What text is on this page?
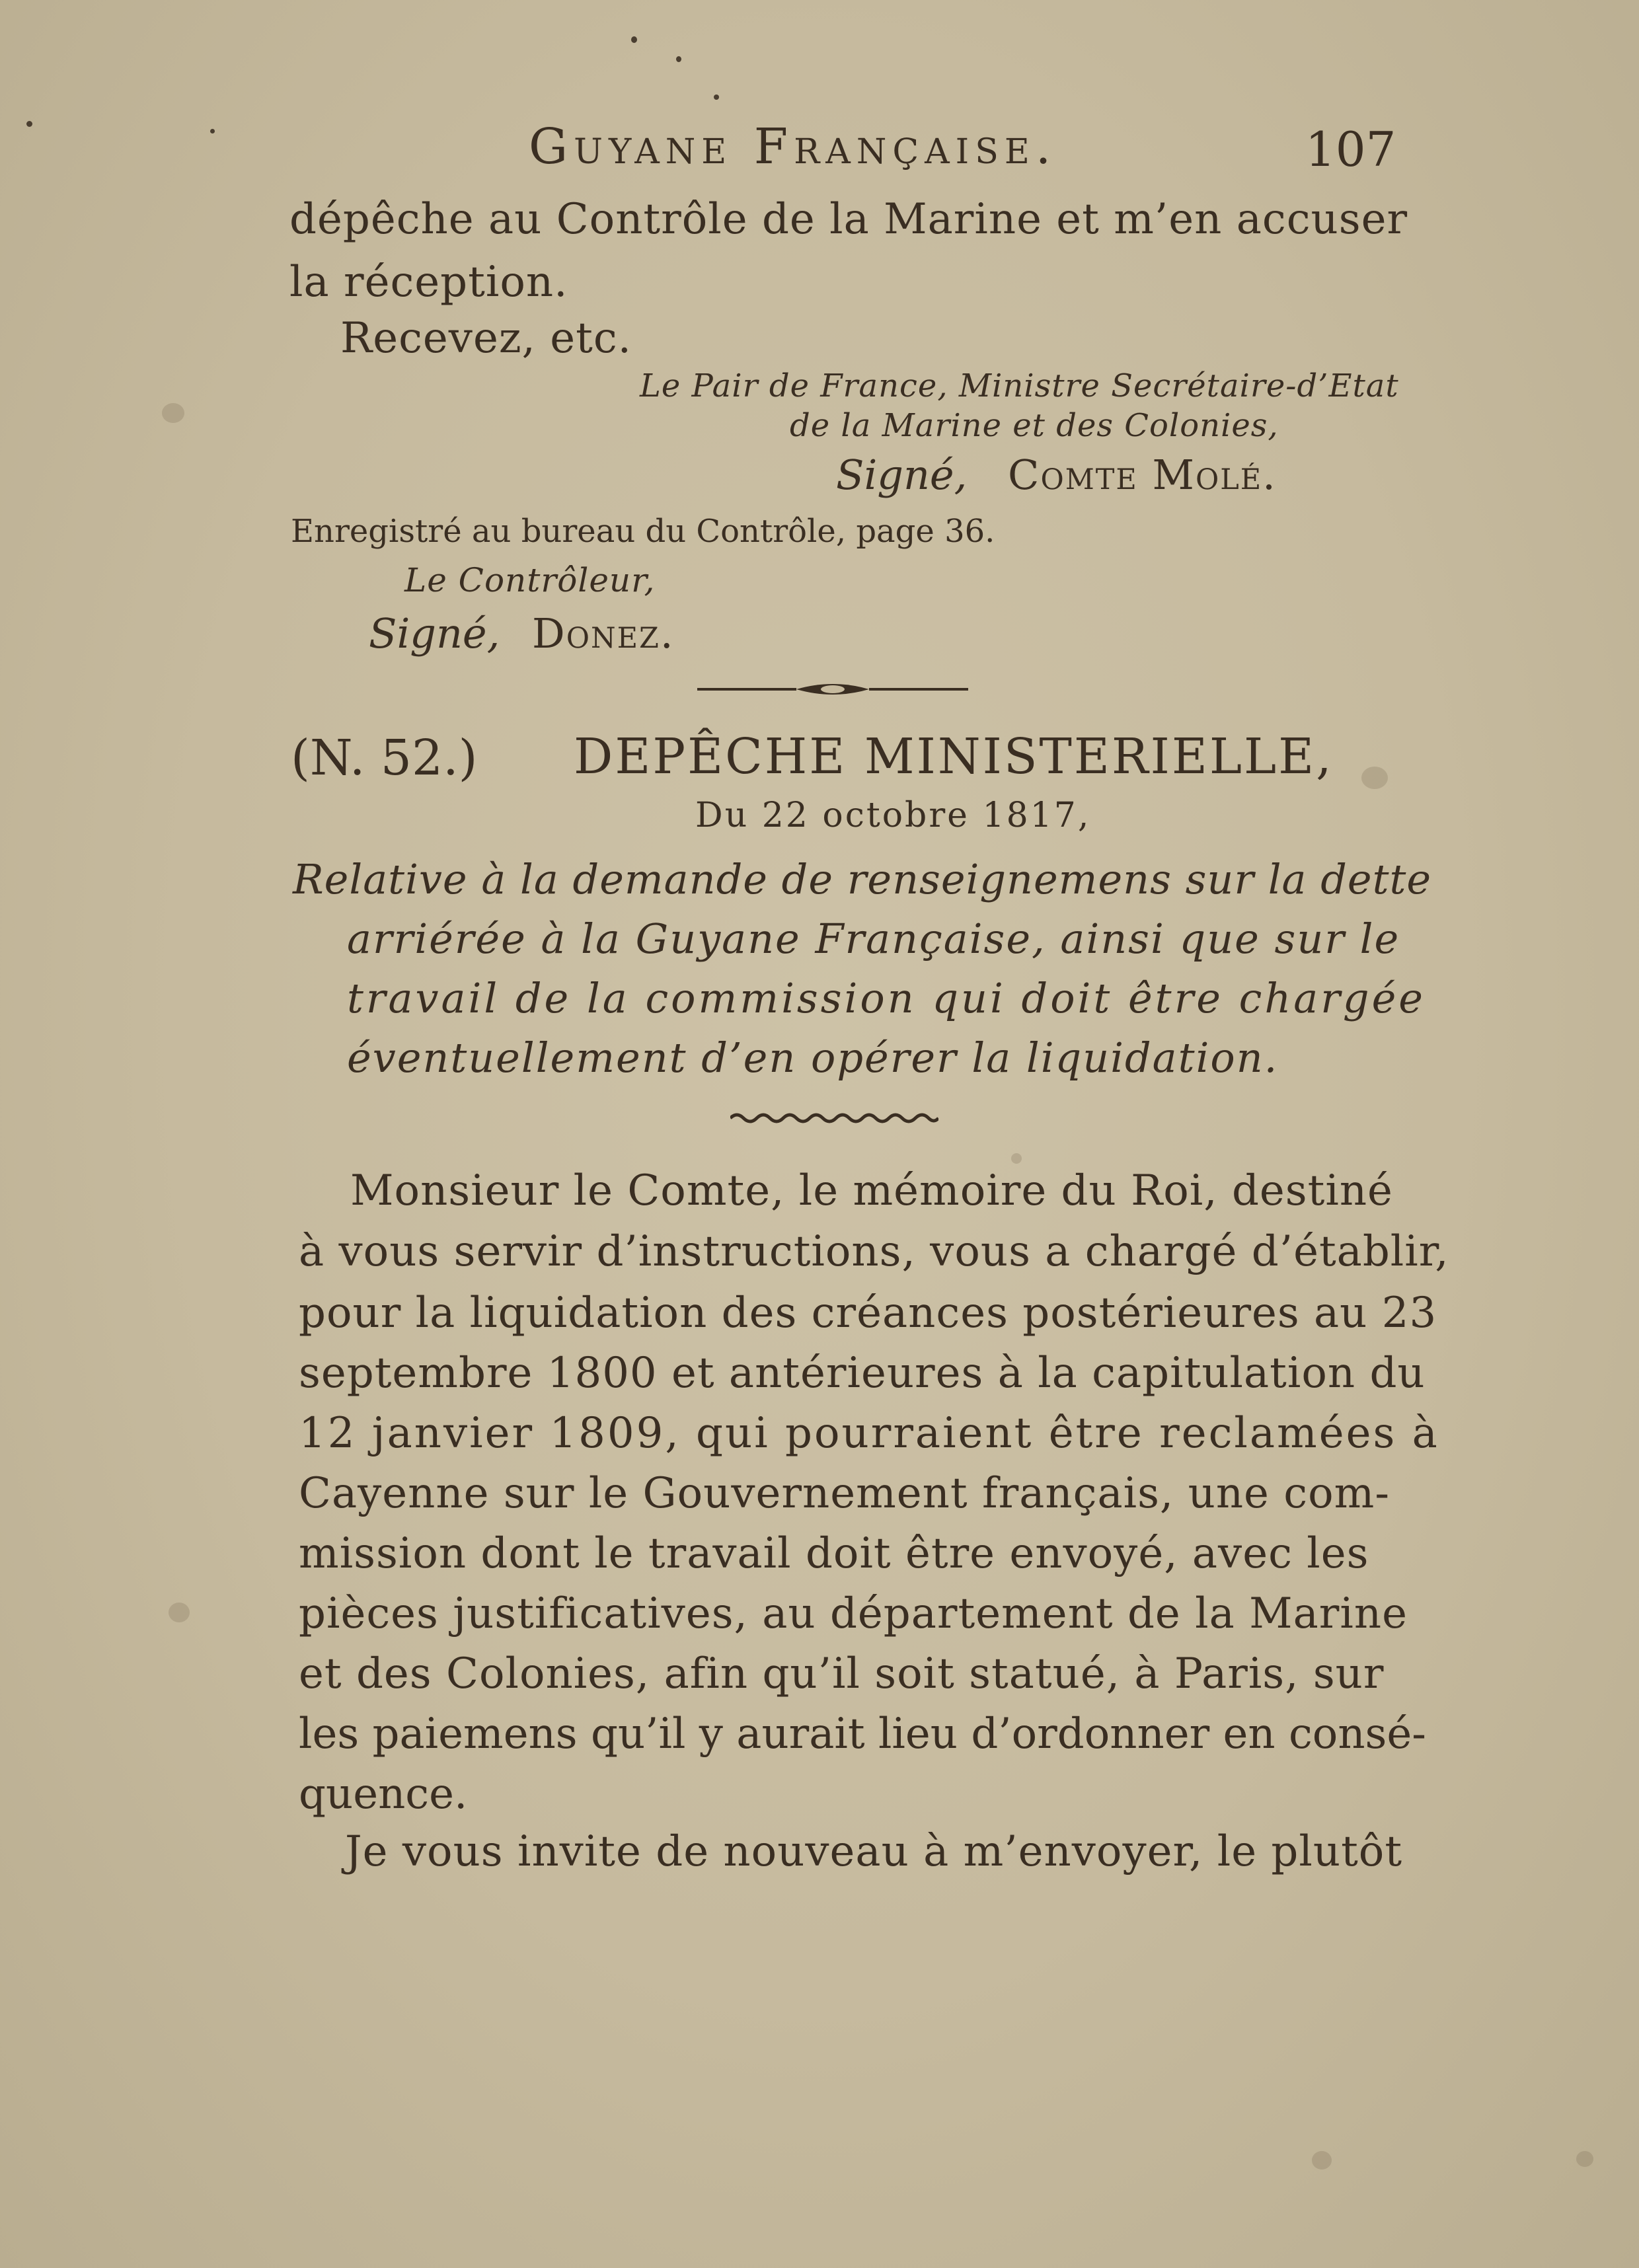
Guyane Française.	107
dépêche au Contrôle de la Marine et m’en accuser
la réception.
Recevez, etc.
Le Pair de France, Ministre Secrétaire-d’Etat
de la Marine et des Colonies,
Signé, Comte Molé.
Enregistré au bureau du Contrôle, page 36.
Le Contrôleur,
Signé, Donez.
(N. 52.) DEPÊCHE MINISTERIELLE,
Du 22 octobre 1817,
Relative à la demande de renseignemens sur la dette
arriérée à la Guyane Française, ainsi que sur le
travail de la commission qui doit être chargée
éventuellement d’en opérer la liquidation.
Monsieur le Comte, le mémoire du Roi, destiné
à vous servir d’instructions, vous a chargé d’établir,
pour la liquidation des créances postérieures au 23
septembre 1800 et antérieures à la capitulation du
12 janvier 1809, qui pourraient être reclamées à
Cayenne sur le Gouvernement français, une com-
mission dont le travail doit être envoyé, avec les
pièces justificatives, au département de la Marine
et des Colonies, afin qu’il soit statué, à Paris, sur
les paiemens qu’il y aurait lieu d’ordonner en consé-
quence.
Je vous invite de nouveau à m’envoyer, le plutôt
